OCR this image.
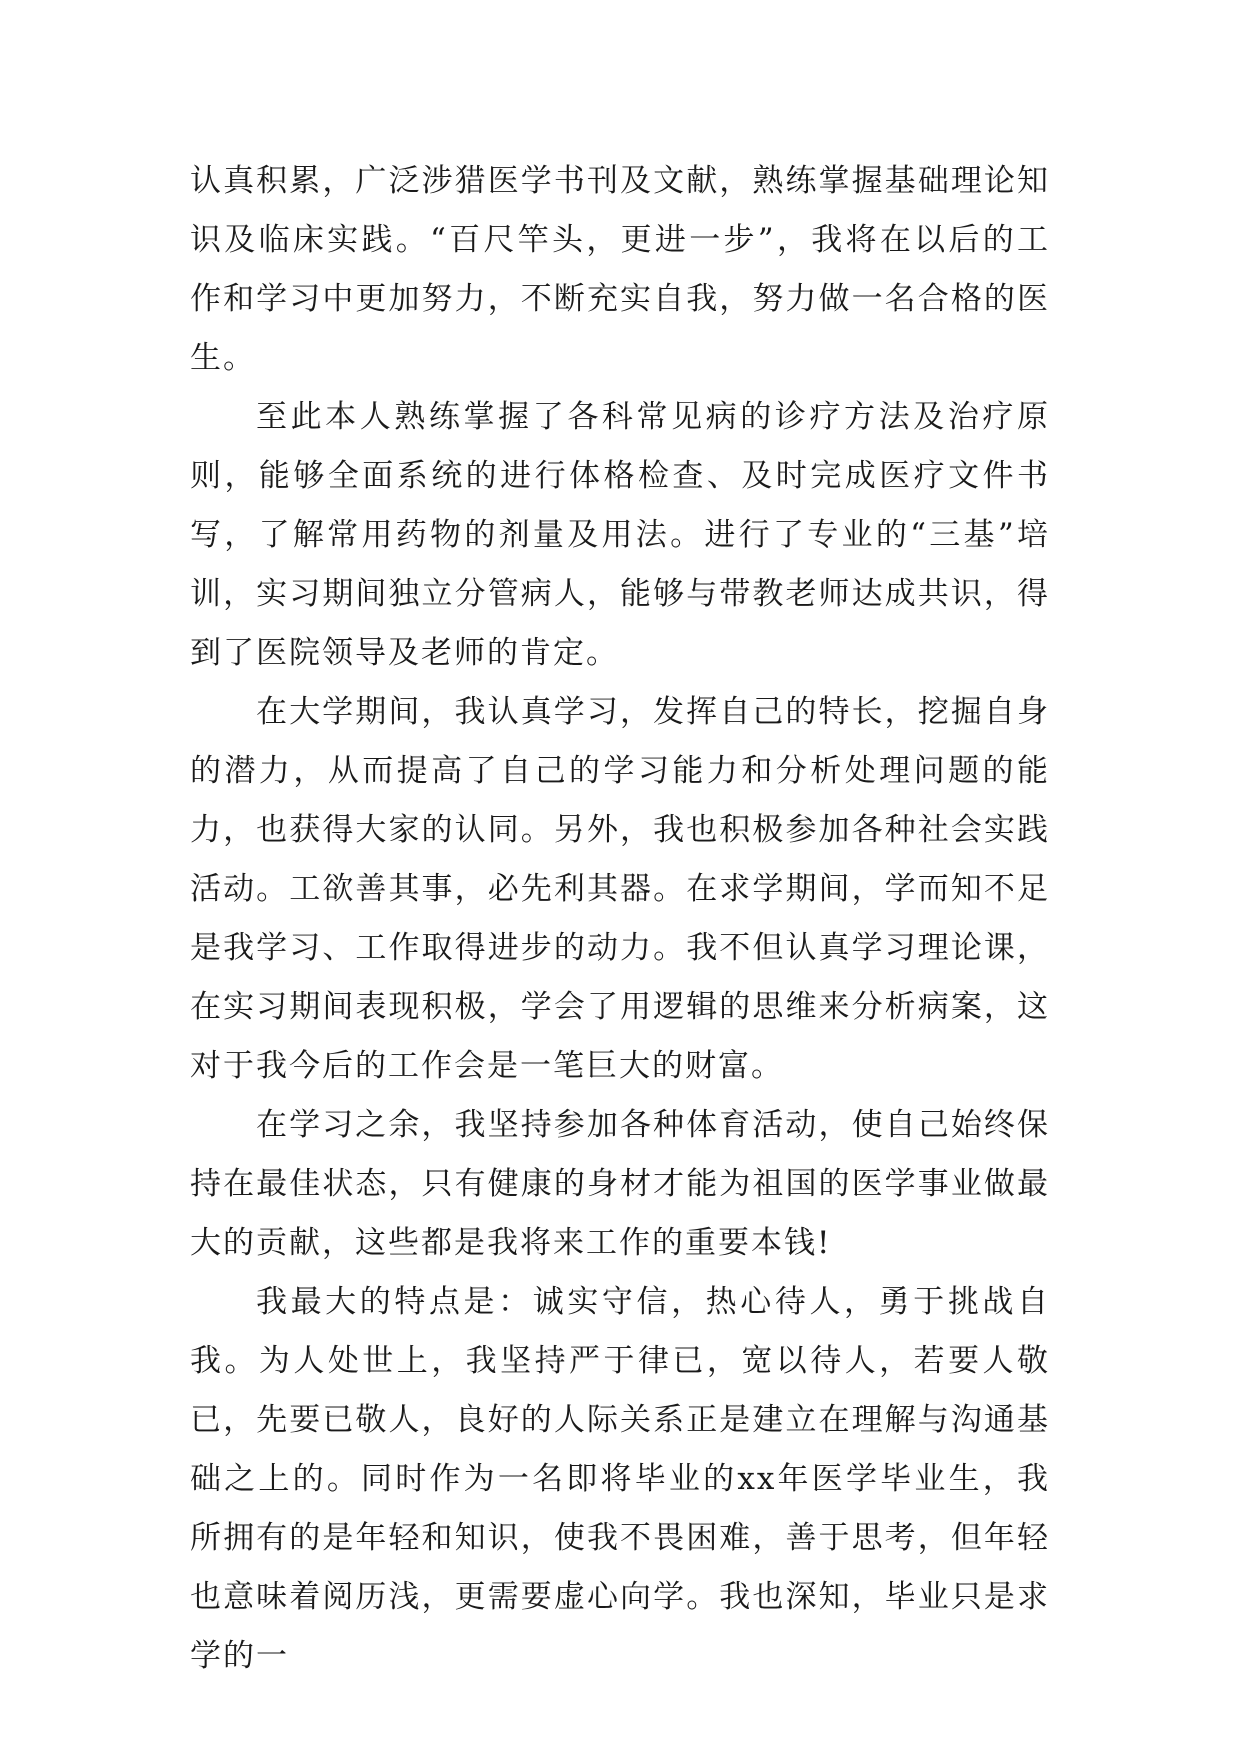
认真积累，广泛涉猎医学书刊及文献，熟练掌握基础理论知识及临床实践。“百尺竿头，更进一步”，我将在以后的工作和学习中更加努力，不断充实自我，努力做一名合格的医生。

至此本人熟练掌握了各科常见病的诊疗方法及治疗原则，能够全面系统的进行体格检查、及时完成医疗文件书写，了解常用药物的剂量及用法。进行了专业的“三基”培训，实习期间独立分管病人，能够与带教老师达成共识，得到了医院领导及老师的肯定。

在大学期间，我认真学习，发挥自己的特长，挖掘自身的潜力，从而提高了自己的学习能力和分析处理问题的能力，也获得大家的认同。另外，我也积极参加各种社会实践活动。工欲善其事，必先利其器。在求学期间，学而知不足是我学习、工作取得进步的动力。我不但认真学习理论课，在实习期间表现积极，学会了用逻辑的思维来分析病案，这对于我今后的工作会是一笔巨大的财富。

在学习之余，我坚持参加各种体育活动，使自己始终保持在最佳状态，只有健康的身材才能为祖国的医学事业做最大的贡献，这些都是我将来工作的重要本钱!

我最大的特点是：诚实守信，热心待人，勇于挑战自我。为人处世上，我坚持严于律已，宽以待人，若要人敬已，先要已敬人，良好的人际关系正是建立在理解与沟通基础之上的。同时作为一名即将毕业的xx年医学毕业生，我所拥有的是年轻和知识，使我不畏困难，善于思考，但年轻也意味着阅历浅，更需要虚心向学。我也深知，毕业只是求学的一
